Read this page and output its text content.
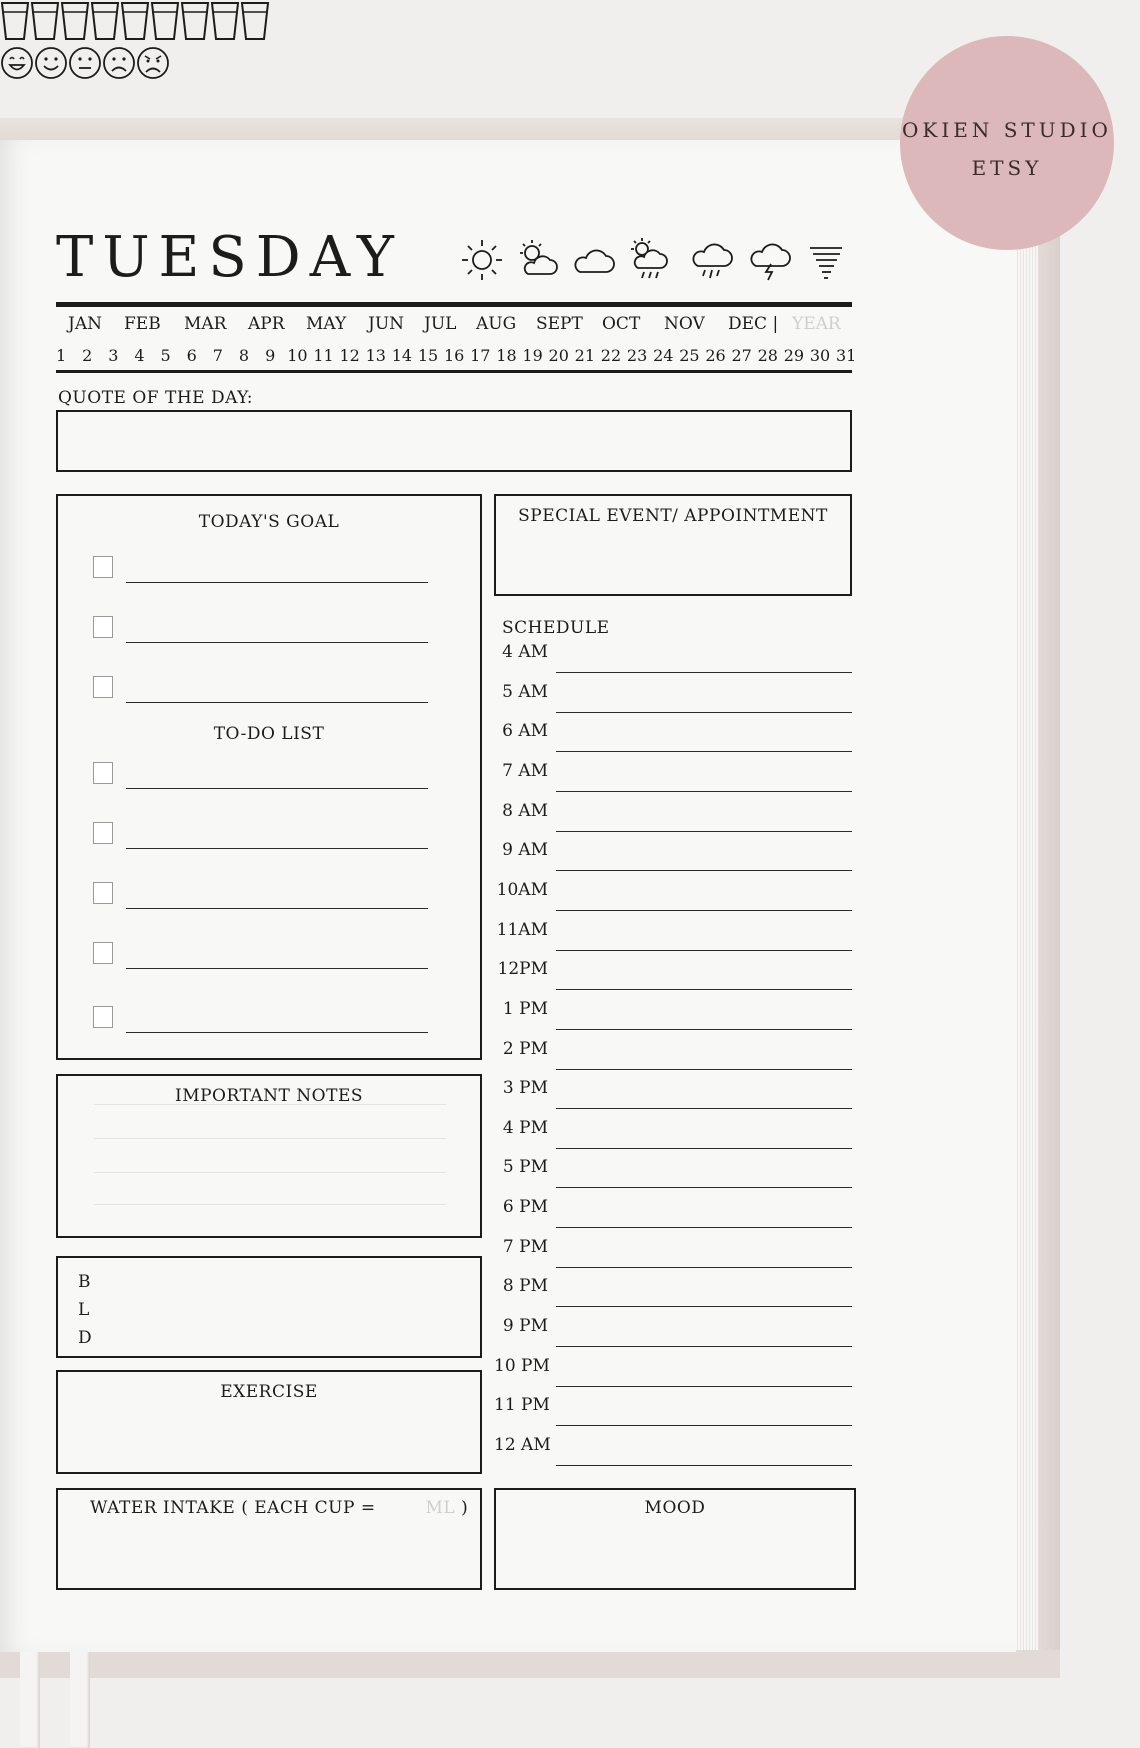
TUESDAY
JAN FEB MAR APR MAY JUN JUL AUG SEPT OCT NOV DEC | YEAR
1 2 3 4 5 6 7 8 9 10 11 12 13 14 15 16 17 18 19 20 21 22 23 24 25 26 27 28 29 30 31
QUOTE OF THE DAY:
TODAY'S GOAL
TO-DO LIST
SPECIAL EVENT/ APPOINTMENT
SCHEDULE
4 AM
5 AM
6 AM
7 AM
8 AM
9 AM
10AM
11AM
12PM
1 PM
2 PM
3 PM
4 PM
5 PM
6 PM
7 PM
8 PM
9 PM
10 PM
11 PM
12 AM
IMPORTANT NOTES
B
L
D
EXERCISE
WATER INTAKE ( EACH CUP =	ML )	MOOD
OKIEN STUDIO
ETSY
